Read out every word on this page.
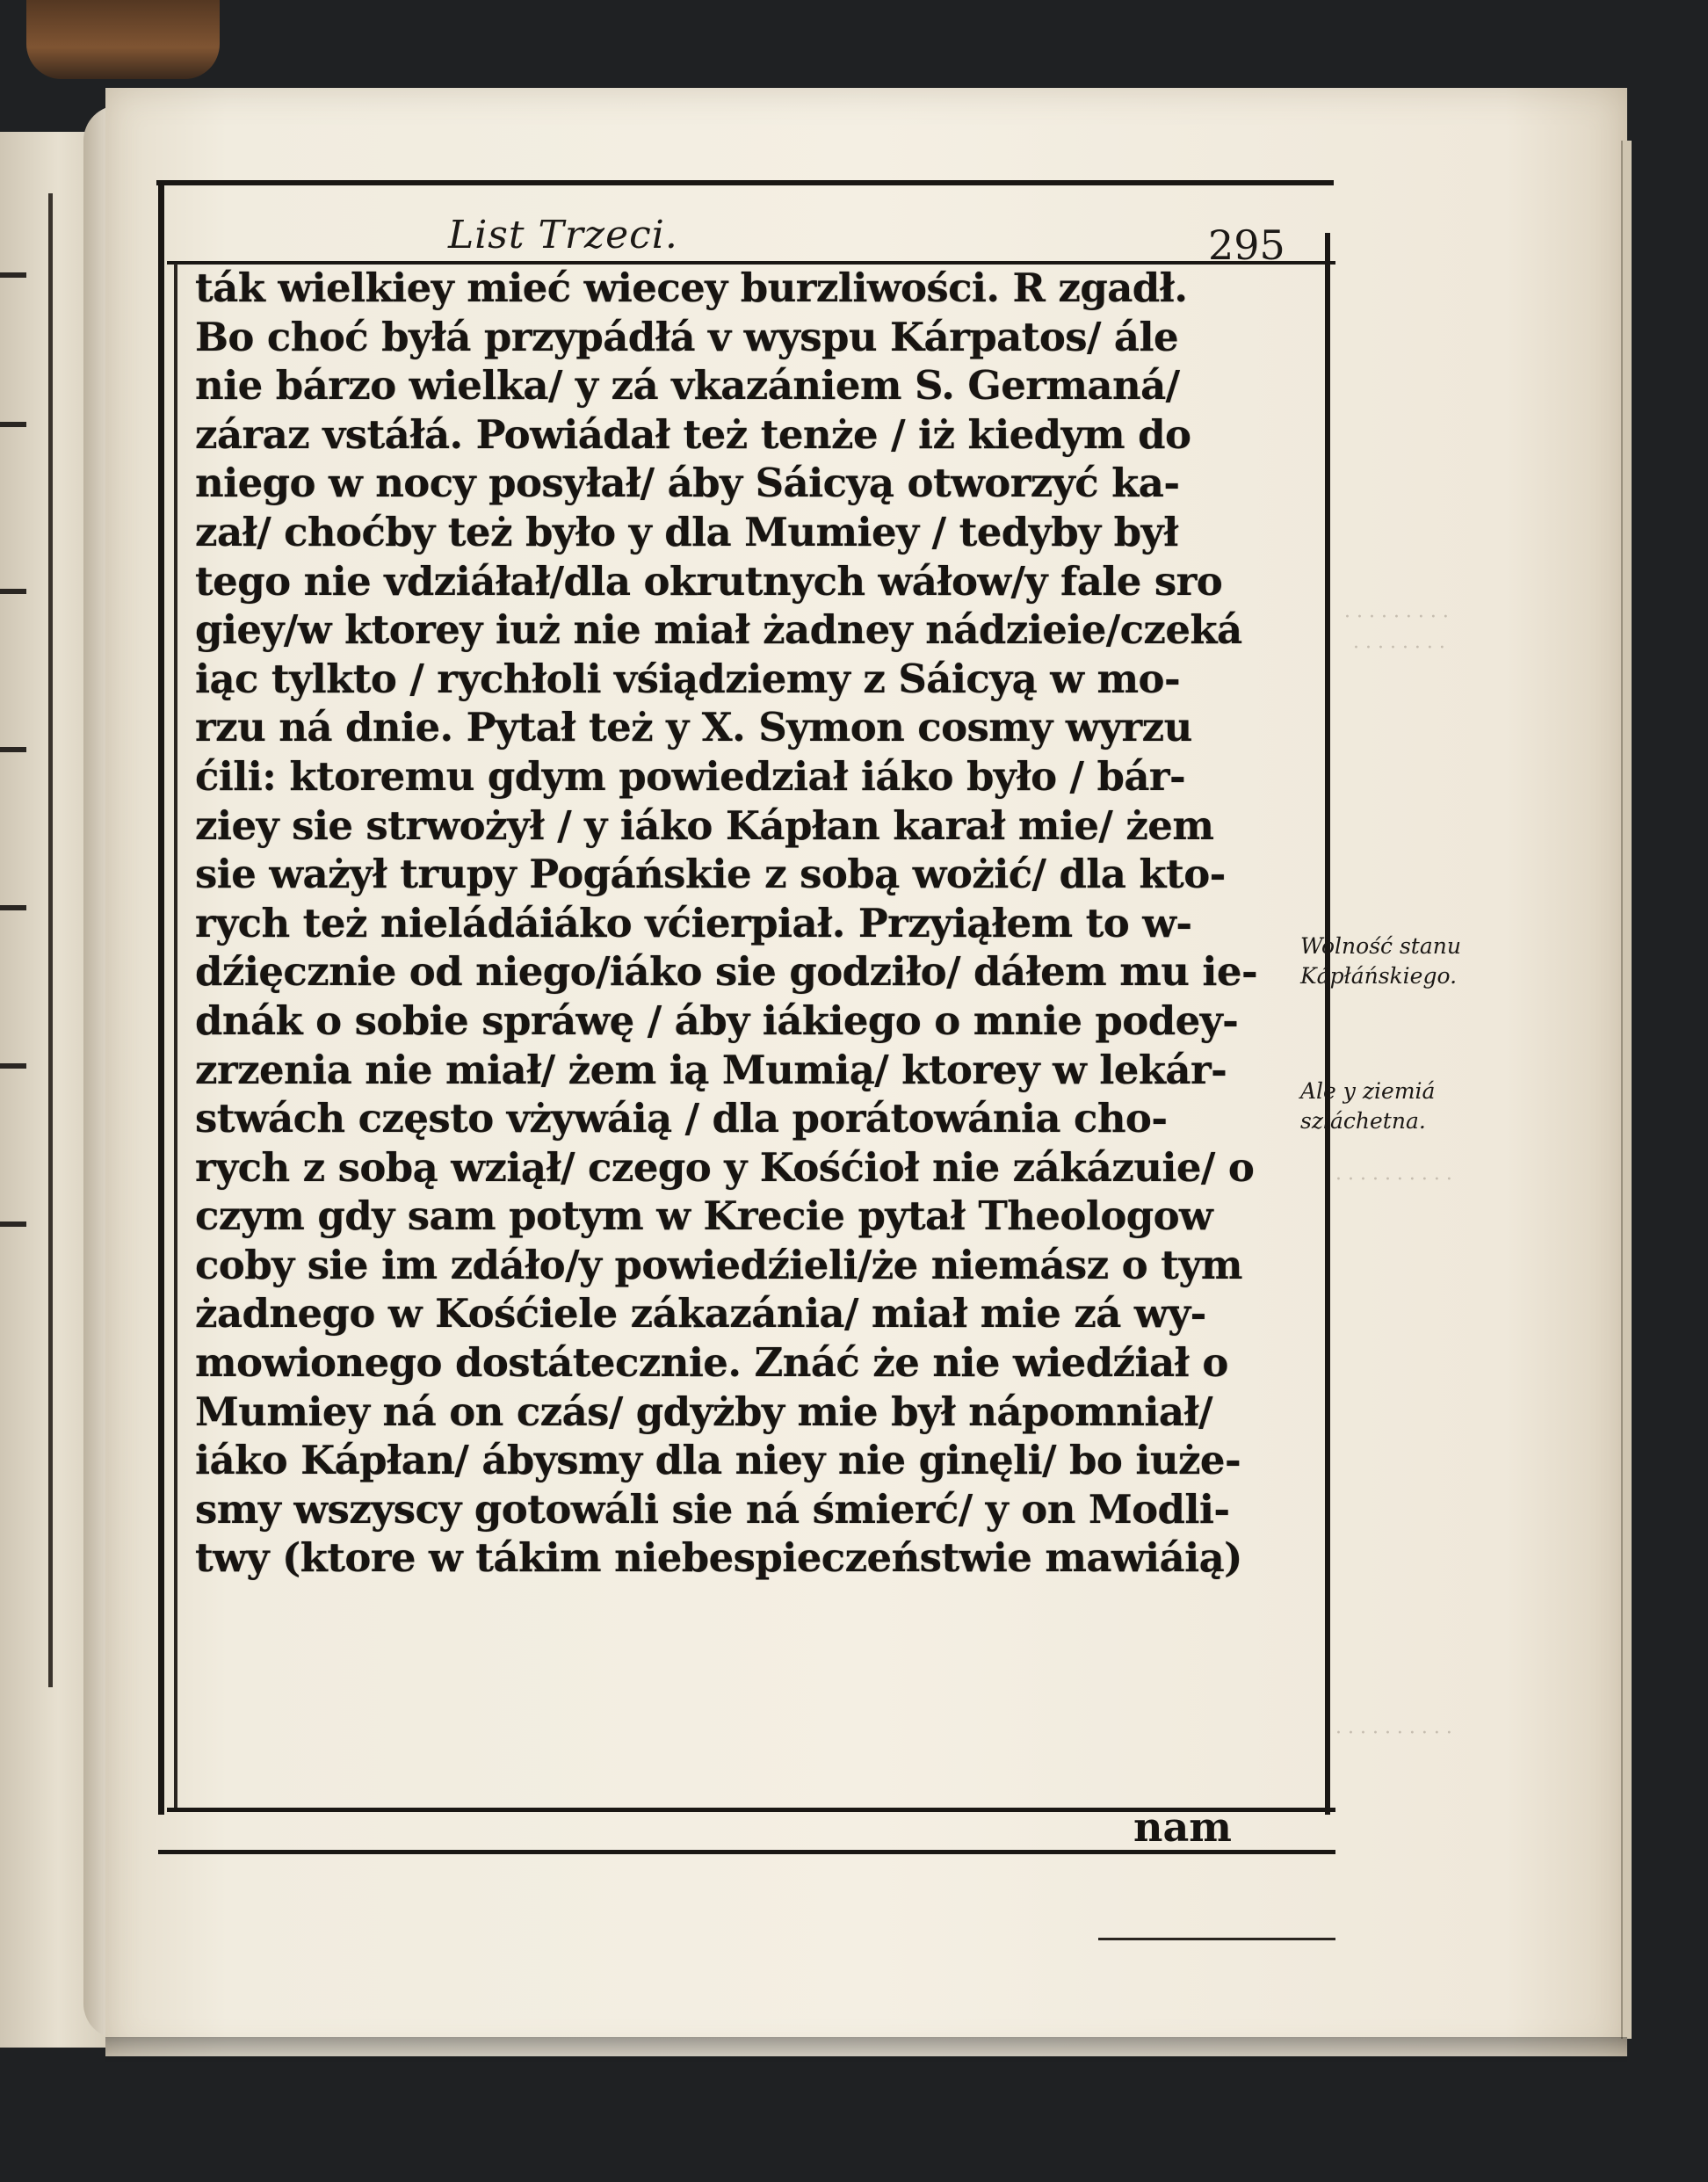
· · · · · · · · ·
· · · · · · · ·
· · · · · · · · · ·
· · · · · · · · · ·
List Trzeci.	295
ták wielkiey mieć wiecey burzliwości. R zgadł.
Bo choć byłá przypádłá v wyspu Kárpatos/ ále
nie bárzo wielka/ y zá vkazániem S. Germaná/
záraz vstáłá. Powiádał też tenże / iż kiedym do
niego w nocy posyłał/ áby Sáicyą otworzyć ka-
zał/ choćby też było y dla Mumiey / tedyby był
tego nie vdziáłał/dla okrutnych wáłow/y fale sro
giey/w ktorey iuż nie miał żadney nádzieie/czeká
iąc tylkto / rychłoli vśiądziemy z Sáicyą w mo-
rzu ná dnie. Pytał też y X. Symon cosmy wyrzu
ćili: ktoremu gdym powiedział iáko było / bár-
ziey sie strwożył / y iáko Kápłan karał mie/ żem
sie ważył trupy Pogáńskie z sobą wożić/ dla kto-
rych też nieládáiáko vćierpiał. Przyiąłem to w-
dźięcznie od niego/iáko sie godziło/ dáłem mu ie-
dnák o sobie spráwę / áby iákiego o mnie podey-
zrzenia nie miał/ żem ią Mumią/ ktorey w lekár-
stwách często vżywáią / dla porátowánia cho-
rych z sobą wziął/ czego y Kośćioł nie zákázuie/ o
czym gdy sam potym w Krecie pytał Theologow
coby sie im zdáło/y powiedźieli/że niemász o tym
żadnego w Kośćiele zákazánia/ miał mie zá wy-
mowionego dostátecznie. Znáć że nie wiedźiał o
Mumiey ná on czás/ gdyżby mie był nápomniał/
iáko Kápłan/ ábysmy dla niey nie ginęli/ bo iuże-
smy wszyscy gotowáli sie ná śmierć/ y on Modli-
twy (ktore w tákim niebespieczeństwie mawiáią)
nam
Wolność stanu
Kápłáńskiego.
Ale y ziemiá
szláchetna.
